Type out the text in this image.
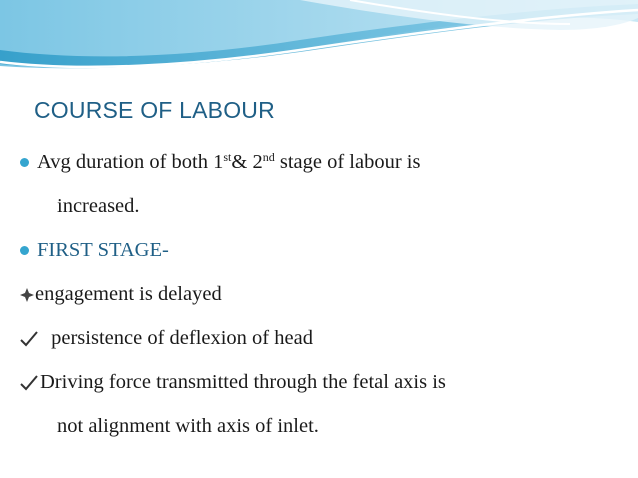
COURSE OF LABOUR
Avg duration of both 1st& 2nd stage of labour is
increased.
FIRST STAGE-
engagement is delayed
persistence of deflexion of head
Driving force transmitted through the fetal axis is
not alignment with axis of inlet.
